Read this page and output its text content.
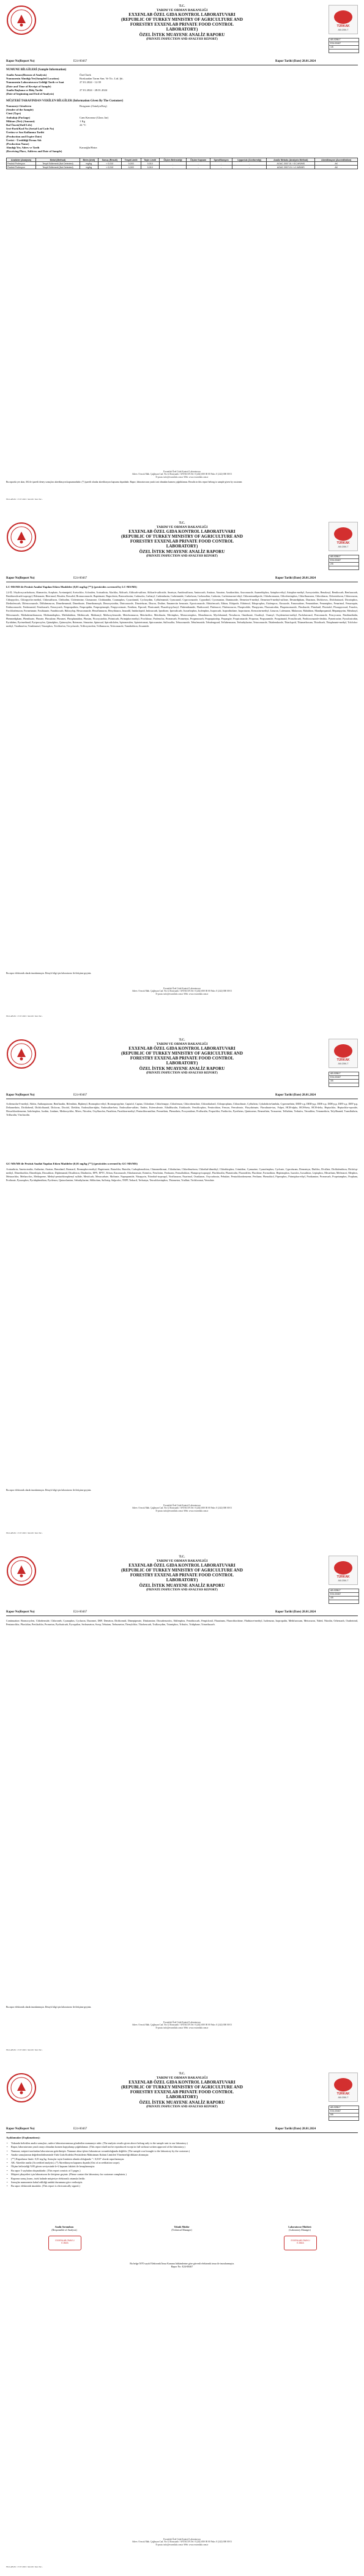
T.C.
TARIM VE ORMAN BAKANLIĞI
EXXENLAB ÖZEL GIDA KONTROL LABORATUVARI
(REPUBLIC OF TURKEY MINISTRY OF AGRICULTURE AND
FORESTRY EXXENLAB PRIVATE FOOD CONTROL
LABORATORY)
ÖZEL İSTEK MUAYENE ANALİZ RAPORU
(PRIVATE INSPECTION AND ANALYSIS REPORT)
TÜRKAK
AB-0286-T
AB-0286-T
E24-00467
1/5
Rapor No(Report No)	E24-00467	Rapor Tarihi (Date) 28.01.2024
NUMUNE BİLGİLERİ (Sample Information)
Analiz Amacı(Reason of Analysis)	Özel İstek
Numunenin Alındığı Yer(Sampled Location)	Bozkaadan Tarım San. Ve Tic. Ltd. Şti.
Numunenin Laboratuvara Geldiği Tarih ve Saat	27.01.2024 - 12:39
(Date and Time of Receipt of Sample)
Analiz Başlama ve Bitiş Tarihi	27.01.2024 - 28.01.2024
(Date of beginning and End of Analysis)
MÜŞTERİ TARAFINDAN VERİLEN BİLGİLER (Information Given By The Customer)
Numuneyi Gönderen	Bozgaran (Antalya/Kaş)
(Sender of the Sample)
Cinsi (Type)
Ambalajı (Package)	Cam Kavanoz (Glass Jar)
Miktarı (Net) (Amount)	1 Kg
Raf Ömrü(Shelf Life)	24 °C
Seri-Parti/Kod No (Serial-Lot/Code No)
Üretim ve Son Kullanma Tarihi
(Production and Expire Date)
Üretici - Üretildiği Firma Adı
(Production Name)
Alındığı Yer, Adres ve Tarih	Karaoğlu/Hatra
(Receiving Place, Address and Date of Sample)
Analizler (Analysis)	Metot (Method)	Birim (Unit)	Sonuç (Result)	Tespit Limiti	Tayin Limiti	Ölçüm Belirsizliği	Ölçüm Kapsam	Spesifikasyon	Uygunluk (Conformity)	Analiz Metodu (Analysis Method)	Akreditasyon (Accreditation)
Pestisit Profesyon	Tespit Edilemedi (Not Detected)	mg/kg	< 0,010	0,003	0,010	-	-	-	-	AOAC 2007.01 / GC-MS/MS	AK
Pestisit Profesyon	Tespit Edilemedi (Not Detected)	mg/kg	< 0,010	0,003	0,010	-	-	-	-	AOAC 2007.01 / LC-MS/MS	AK
Bu raporda yer alan, AK ile işaretli deney sonuçları akreditasyon kapsamındadır. (*) işaretli olanlar akreditasyon kapsamı dışındadır. Rapor; laboratuvarın yazılı izni olmadan kısmen çoğaltılamaz. Results in this report belong to sample given by customer.
Exxenlab Özel Gıda Kontrol Laboratuvarı
Adres: Ovacık Mah. Çağlayan Cad. No:12 Konyaaltı / ANTALYA Tel: 0 (242) 000 00 00 Faks: 0 (242) 000 00 01
E-posta: info@exxenlab.com.tr Web: www.exxenlab.com.tr
FR.LAB.06 / 17.07.2023 / Rev.00 / Rev.Tar:-
T.C.
TARIM VE ORMAN BAKANLIĞI
EXXENLAB ÖZEL GIDA KONTROL LABORATUVARI
(REPUBLIC OF TURKEY MINISTRY OF AGRICULTURE AND
FORESTRY EXXENLAB PRIVATE FOOD CONTROL
LABORATORY)
ÖZEL İSTEK MUAYENE ANALİZ RAPORU
(PRIVATE INSPECTION AND ANALYSIS REPORT)
TÜRKAK
AB-0286-T
AB-0286-T
E24-00467
2/5
Rapor No(Report No)	E24-00467	Rapor Tarihi (Date) 28.01.2024
LC-MS/MS ile Pestisit Analizi Yapılan Etken Maddeler (0,01 mg/kg (**)) (pesticides screened by LC-MS/MS)
2,4-D, 3-hydroxycarbofuran, Abamectin, Acephate, Acetamiprid, Acetochlor, Aclonifen, Acrinathrin, Alachlor, Aldicarb, Aldicarb-sulfone, Aldicarb-sulfoxide, Ametryn, Amidosulfuron, Aminocarb, Amitraz, Atrazine, Azadirachtin, Azaconazole, Azamethiphos, Azinphos-ethyl, Azinphos-methyl, Azoxystrobin, Benalaxyl, Bendiocarb, Benfuracarb, Benthiavalicarb-isopropyl, Bifenazate, Bitertanol, Bixafen, Boscalid, Bromuconazole, Bupirimate, Buprofezin, Butocarboxim, Cadusafos, Carbaryl, Carbendazim, Carbetamide, Carbofuran, Carbosulfan, Carboxin, Carfentrazone-ethyl, Chlorantraniliprole, Chlorbromuron, Chlorfenvinphos, Chlorfluazuron, Chloridazon, Chlorotoluron, Chloroxuron, Chlorpyrifos, Chlorpyrifos-methyl, Chlorsulfuron, Clethodim, Clofentezine, Clomazone, Clothianidin, Coumaphos, Cyazofamid, Cycloxydim, Cyflufenamid, Cymoxanil, Cyproconazole, Cyprodinil, Cyromazine, Daminozide, Demeton-S-methyl, Demeton-S-methyl-sulfone, Desmedipham, Diazinon, Dichlorvos, Diclobutrazol, Dicrotophos, Diethofencarb, Difenoconazole, Diflubenzuron, Dimethenamid, Dimethoate, Dimethomorph, Dimoxystrobin, Diniconazole, Dinotefuran, Diuron, Dodine, Emamectin benzoate, Epoxiconazole, Ethiofencarb, Ethion, Ethiprole, Ethirimol, Ethoprophos, Etofenprox, Etoxazole, Famoxadone, Fenamidone, Fenamiphos, Fenarimol, Fenazaquin, Fenbuconazole, Fenhexamid, Fenobucarb, Fenoxycarb, Fenpropathrin, Fenpropidin, Fenpropimorph, Fenpyroximate, Fenthion, Fipronil, Flonicamid, Fluazifop-p-butyl, Flubendiamide, Fludioxonil, Flufenacet, Flufenoxuron, Fluopicolide, Fluopyram, Fluoxastrobin, Fluquinconazole, Flusilazole, Flutolanil, Flutriafol, Fluxapyroxad, Fonofos, Forchlorfenuron, Formetanate, Fosthiazate, Furathiocarb, Haloxyfop, Hexaconazole, Hexaflumuron, Hexythiazox, Imazalil, Imidacloprid, Indoxacarb, Iprodione, Iprovalicarb, Isocarbophos, Isofenphos, Isoprocarb, Isoprothiolane, Isoproturon, Kresoxim-methyl, Linuron, Lufenuron, Malaoxon, Malathion, Mandipropamid, Mepanipyrim, Metalaxyl, Metconazole, Methabenzthiazuron, Methamidophos, Methidathion, Methiocarb, Methomyl, Methoxyfenozide, Metobromuron, Metolachlor, Metribuzin, Mevinphos, Monocrotophos, Monolinuron, Myclobutanil, Novaluron, Omethoate, Oxadixyl, Oxamyl, Oxydemeton-methyl, Paclobutrazol, Penconazole, Pencycuron, Pendimethalin, Phenmedipham, Phenthoate, Phorate, Phosalone, Phosmet, Phosphamidon, Phoxim, Picoxystrobin, Pirimicarb, Pirimiphos-methyl, Prochloraz, Profenofos, Promecarb, Prometryn, Propamocarb, Propaquizafop, Propargite, Propiconazole, Propoxur, Propyzamide, Proquinazid, Prosulfocarb, Prothioconazole-desthio, Pymetrozine, Pyraclostrobin, Pyridaben, Pyrimethanil, Pyriproxyfen, Quinalphos, Quinoxyfen, Rotenone, Simazine, Spinosad, Spirodiclofen, Spiromesifen, Spirotetramat, Spiroxamine, Sulfoxaflor, Tebuconazole, Tebufenozide, Tebufenpyrad, Teflubenzuron, Terbuthylazine, Tetraconazole, Thiabendazole, Thiacloprid, Thiamethoxam, Thiodicarb, Thiophanate-methyl, Tolclofos-methyl, Triadimefon, Triadimenol, Triazophos, Trichlorfon, Tricyclazole, Trifloxystrobin, Triflumuron, Triticonazole, Vamidothion, Zoxamide.
Bu rapor elektronik olarak imzalanmıştır. Detaylı bilgi için laboratuvar ile iletişime geçiniz.
Exxenlab Özel Gıda Kontrol Laboratuvarı
Adres: Ovacık Mah. Çağlayan Cad. No:12 Konyaaltı / ANTALYA Tel: 0 (242) 000 00 00 Faks: 0 (242) 000 00 01
E-posta: info@exxenlab.com.tr Web: www.exxenlab.com.tr
FR.LAB.06 / 17.07.2023 / Rev.00 / Rev.Tar:-
T.C.
TARIM VE ORMAN BAKANLIĞI
EXXENLAB ÖZEL GIDA KONTROL LABORATUVARI
(REPUBLIC OF TURKEY MINISTRY OF AGRICULTURE AND
FORESTRY EXXENLAB PRIVATE FOOD CONTROL
LABORATORY)
ÖZEL İSTEK MUAYENE ANALİZ RAPORU
(PRIVATE INSPECTION AND ANALYSIS REPORT)
TÜRKAK
AB-0286-T
AB-0286-T
E24-00467
3/5
Rapor No(Report No)	E24-00467	Rapor Tarihi (Date) 28.01.2024
Acibenzolar-S-methyl, Aldrin, Anthraquinone, Benfluralin, Bifenthrin, Biphenyl, Bromophos-ethyl, Bromopropylate, Captafol, Captan, Chlordane, Chlorfenapyr, Chlorfenson, Chlorobenzilate, Chlorothalonil, Chlorpropham, Chlozolinate, Cyfluthrin, Cyhalothrin-lambda, Cypermethrin, DDD-o,p, DDD-p,p, DDE-o,p, DDE-p,p, DDT-o,p, DDT-p,p, Deltamethrin, Dichlobenil, Dichlofluanid, Dicloran, Dicofol, Dieldrin, Endosulfan-alpha, Endosulfan-beta, Endosulfan-sulfate, Endrin, Esfenvalerate, Ethalfluralin, Etridiazole, Fenchlorphos, Fenitrothion, Fenson, Fenvalerate, Flucythrinate, Fluvalinate-tau, Folpet, HCH-alpha, HCH-beta, HCH-delta, Heptachlor, Heptachlor-epoxide, Hexachlorobenzene, Iodofenphos, Isodrin, Lindane, Methoxychlor, Mirex, Nitrofen, Oxyfluorfen, Parathion, Parathion-methyl, Pentachloroaniline, Permethrin, Phenothrin, Procymidone, Profluralin, Propachlor, Prothiofos, Pyrethrins, Quintozene, Resmethrin, Tecnazene, Tefluthrin, Terbufos, Tetradifon, Tetramethrin, Tolylfluanid, Transfluthrin, Trifluralin, Vinclozolin.
GC-MS/MS ile Pestisit Analizi Yapılan Etken Maddeler (0,01 mg/kg (**)) (pesticides screened by GC-MS/MS)
Acrinathrin, Ametoctradin, Anilazine, Atraton, Benodanil, Bromacil, Bromophos-methyl, Bupirimate, Butachlor, Butralin, Carbophenothion, Chinomethionat, Chlorbufam, Chlordimeform, Chlorthal-dimethyl, Chlorthiophos, Crimidine, Cyanazine, Cyanofenphos, Cycloate, Cyprofuram, Desmetryn, Dialifos, Di-allate, Dichlofenthion, Diclofop-methyl, Dimethachlor, Dimethipin, Dioxathion, Diphenamid, Disulfoton, Ditalimfos, EPN, EPTC, Erbon, Etaconazole, Ethofumesate, Etrimfos, Fenclorim, Fenfuram, Fensulfothion, Flamprop-isopropyl, Fluchloralin, Flumetralin, Fluorodifen, Fluridone, Formothion, Heptenophos, Isazofos, Isoxathion, Leptophos, Mecarbam, Mefenacet, Merphos, Metazachlor, Methacrifos, Methoprene, Methyl-pentachlorophenyl sulfide, Metolcarb, Mexacarbate, Molinate, Napropamide, Nitrapyrin, Nitrothal-isopropyl, Norflurazon, Nuarimol, Oxadiazon, Oxycarboxin, Pebulate, Pentachlorobenzene, Perthane, Phenothiol, Piperophos, Pirimiphos-ethyl, Prodiamine, Promecarb, Propetamphos, Propham, Prothoate, Pyrazophos, Pyridaphenthion, Pyrifenox, Quinoclamine, Sebuthylazine, Silthiofam, Sulfotep, Sulprofos, TEPP, Terbacil, Terbutryn, Tetrachlorvinphos, Thiometon, Triallate, Trichloronat, Vernolate.
Bu rapor elektronik olarak imzalanmıştır. Detaylı bilgi için laboratuvar ile iletişime geçiniz.
Exxenlab Özel Gıda Kontrol Laboratuvarı
Adres: Ovacık Mah. Çağlayan Cad. No:12 Konyaaltı / ANTALYA Tel: 0 (242) 000 00 00 Faks: 0 (242) 000 00 01
E-posta: info@exxenlab.com.tr Web: www.exxenlab.com.tr
FR.LAB.06 / 17.07.2023 / Rev.00 / Rev.Tar:-
T.C.
TARIM VE ORMAN BAKANLIĞI
EXXENLAB ÖZEL GIDA KONTROL LABORATUVARI
(REPUBLIC OF TURKEY MINISTRY OF AGRICULTURE AND
FORESTRY EXXENLAB PRIVATE FOOD CONTROL
LABORATORY)
ÖZEL İSTEK MUAYENE ANALİZ RAPORU
(PRIVATE INSPECTION AND ANALYSIS REPORT)
TÜRKAK
AB-0286-T
AB-0286-T
E24-00467
4/5
Rapor No(Report No)	E24-00467	Rapor Tarihi (Date) 28.01.2024
Continuation: Bromocyclen, Chlorbenside, Chloroneb, Cyanophos, Cycluron, Dazomet, DEF, Demeton, Dichlormid, Dimepiperate, Dinitramine, Dioxabenzofos, Edifenphos, Fenothiocarb, Fenpiclonil, Fluazinam, Flurochloridone, Fluthiacet-methyl, Isobenzan, Isopropalin, Methfuroxam, Metoxuron, Naled, Nitralin, Orbencarb, Oxabetrinil, Pentanochlor, Phosfolan, Pretilachlor, Prometon, Pyributicarb, Pyroquilon, Secbumeton, Swep, Tebutam, Terbumeton, Thenylchlor, Thiobencarb, Tralkoxydim, Triamiphos, Tribufos, Tridiphane, Trimethacarb.
Bu rapor elektronik olarak imzalanmıştır. Detaylı bilgi için laboratuvar ile iletişime geçiniz.
Exxenlab Özel Gıda Kontrol Laboratuvarı
Adres: Ovacık Mah. Çağlayan Cad. No:12 Konyaaltı / ANTALYA Tel: 0 (242) 000 00 00 Faks: 0 (242) 000 00 01
E-posta: info@exxenlab.com.tr Web: www.exxenlab.com.tr
FR.LAB.06 / 17.07.2023 / Rev.00 / Rev.Tar:-
T.C.
TARIM VE ORMAN BAKANLIĞI
EXXENLAB ÖZEL GIDA KONTROL LABORATUVARI
(REPUBLIC OF TURKEY MINISTRY OF AGRICULTURE AND
FORESTRY EXXENLAB PRIVATE FOOD CONTROL
LABORATORY)
ÖZEL İSTEK MUAYENE ANALİZ RAPORU
(PRIVATE INSPECTION AND ANALYSIS REPORT)
TÜRKAK
AB-0286-T
AB-0286-T
E24-00467
5/5
Rapor No(Report No)	E24-00467	Rapor Tarihi (Date) 28.01.2024
Açıklamalar (Explanations):
• Yukarıda belirtilen analiz sonuçları, sadece laboratuvarımıza gönderilen numuneye aittir. (The analysis results given above belong only to the sample sent to our laboratory.)
• Rapor, laboratuvarın yazılı onayı olmadan kısmen kopyalanıp çoğaltılamaz. (This report shall not be reproduced except in full without written approval of the laboratory.)
• Numune, müşteri tarafından laboratuvara getirilmiştir. Numune alma işlemi laboratuvar sorumluluğunda değildir. (The sample was brought to the laboratory by the customer.)
• Analiz sonuçlarının değerlendirilmesinde Türk Gıda Kodeksi Pestisitlerin Maksimum Kalıntı Limitleri Yönetmeliği dikkate alınmıştır.
• (**) Raporlama limiti: 0,01 mg/kg. Sonuçlar tayin limitinin altında olduğunda "< 0,010" olarak raporlanmıştır.
• AK: Akredite analiz (Accredited analysis). (*) Akreditasyon kapsamı dışında (Out of accreditation scope).
• Ölçüm belirsizliği %95 güven seviyesinde k=2 kapsam faktörü ile hesaplanmıştır.
• Bu rapor 5 sayfadan oluşmaktadır. (This report consists of 5 pages.)
• Müşteri şikayetleri için laboratuvar ile iletişime geçiniz. (Please contact the laboratory for customer complaints.)
• Raporun sonuç kısmı, istek halinde müşteriye elektronik ortamda iletilir.
• Sonuçlar numunenin kabul edildiği andaki durumuna göre verilmiştir.
• Bu rapor elektronik imzalıdır. (This report is electronically signed.)
Analiz Sorumlusu
(Responsible of Analysis)
Teknik Müdür
(Technical Manager)
Laboratuvar Müdürü
(Laboratory Manager)
EXXENLAB ONAYLI
E-İMZA
EXXENLAB ONAYLI
E-İMZA
Bu belge 5070 sayılı Elektronik İmza Kanunu hükümlerine göre güvenli elektronik imza ile imzalanmıştır.
Rapor No: E24-00467
Exxenlab Özel Gıda Kontrol Laboratuvarı
Adres: Ovacık Mah. Çağlayan Cad. No:12 Konyaaltı / ANTALYA Tel: 0 (242) 000 00 00 Faks: 0 (242) 000 00 01
E-posta: info@exxenlab.com.tr Web: www.exxenlab.com.tr
FR.LAB.06 / 17.07.2023 / Rev.00 / Rev.Tar:-
